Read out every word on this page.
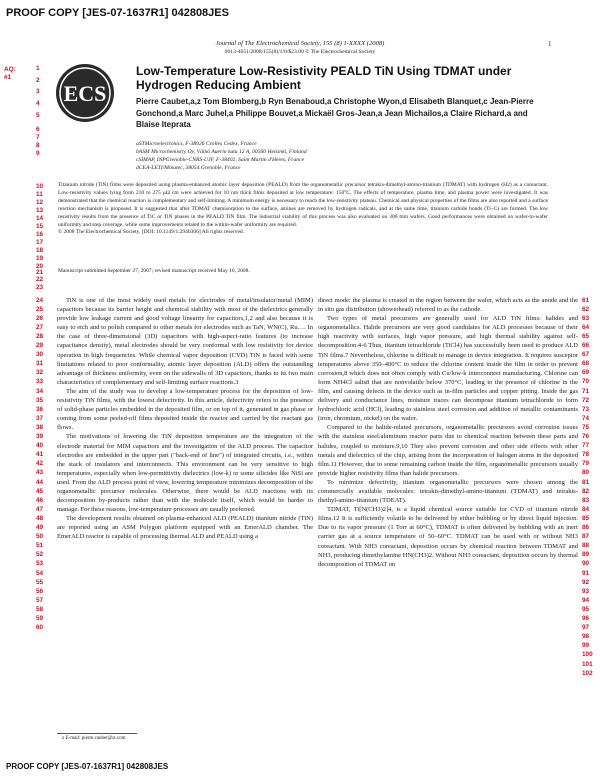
PROOF COPY [JES-07-1637R1] 042808JES
Journal of The Electrochemical Society, 155 (8) 1-XXXX (2008)
0013-4651/2008/155(8)/1/0/$23.00 © The Electrochemical Society
1
AQ:
#1
ECS
Low-Temperature Low-Resistivity PEALD TiN Using TDMAT under Hydrogen Reducing Ambient
Pierre Caubet,a,z Tom Blomberg,b Ryn Benaboud,a Christophe Wyon,d Elisabeth Blanquet,c Jean-Pierre Gonchond,a Marc Juhel,a Philippe Bouvet,a Mickaël Gros-Jean,a Jean Michailos,a Claire Richard,a and Blaise Iteprata
aSTMicroelectronics, F-38926 Crolles Cedex, France
bASM Microchemistry Oy, Väinö Auerin katu 12 A, 00560 Helsinki, Finland
cSIMAP, INPGrenoble-CNRS-UJF, F-38402, Saint Martin d'Hères, France
dCEA-LETI/Minatec, 38054 Grenoble, France
Titanium nitride (TiN) films were deposited using plasma-enhanced atomic layer deposition (PEALD) from the organometallic precursor tetrakis-dimethyl-amino-titanium (TDMAT) with hydrogen (H2) as a coreactant. Low-resistivity values lying from 210 to 275 μΩ cm were achieved for 10 nm thick films deposited at low temperature: 150°C. The effects of temperature, plasma time, and plasma power were investigated. It was demonstrated that the chemical reaction is complementary and self-limiting. A minimum energy is necessary to reach the low-resistivity plateau. Chemical and physical properties of the films are also reported and a surface reaction mechanism is proposed. It is suggested that after TDMAT chemisorption to the surface, amines are removed by hydrogen radicals, and at the same time, titanium carbide bonds (Ti–C) are formed. The low resistivity results from the presence of TiC or TiN phases in the PEALD TiN film. The industrial viability of this process was also evaluated on 300 mm wafers. Good performances were obtained on wafer-to-wafer uniformity and step coverage, while some improvements related to the within-wafer uniformity are required.
© 2008 The Electrochemical Society. [DOI: 10.1149/1.2940306] All rights reserved.
Manuscript submitted September 27, 2007; revised manuscript received May 16, 2008.

TiN is one of the most widely used metals for electrodes of metal/insulator/metal (MIM) capacitors because its barrier height and chemical stability with most of the dielectrics generally provide low leakage current and good voltage linearity for capacitors,1,2 and also because it is easy to etch and to polish compared to other metals for electrodes such as TaN, WN(C), Ru…. In the case of three-dimensional (3D) capacitors with high-aspect-ratio features (to increase capacitance density), metal electrodes should be very conformal with low resistivity for device operation in high frequencies. While chemical vapor deposition (CVD) TiN is faced with some limitations related to poor conformality, atomic layer deposition (ALD) offers the outstanding advantage of thickness uniformity, even on the sidewalls of 3D capacitors, thanks to its two main characteristics of complementary and self-limiting surface reactions.3

The aim of the study was to develop a low-temperature process for the deposition of low-resistivity TiN films, with the lowest defectivity. In this article, defectivity refers to the presence of solid-phase particles embedded in the deposited film, or on top of it, generated in gas phase or coming from some peeled-off films deposited inside the reactor and carried by the reactant gas flows.

The motivations of lowering the TiN deposition temperature are the integration of the electrode material for MIM capacitors and the investigation of the ALD process. The capacitor electrodes are embedded in the upper part ("back-end of line") of integrated circuits, i.e., within the stack of insulators and interconnects. This environment can be very sensitive to high temperatures, especially when low-permittivity dielectrics (low-k) or some silicides like NiSi are used. From the ALD process point of view, lowering temperature minimizes decomposition of the organometallic precursor molecules. Otherwise, there would be ALD reactions with its decomposition by-products rather than with the molecule itself, which would be harder to manage. For these reasons, low-temperature processes are usually preferred.

The development results obtained on plasma-enhanced ALD (PEALD) titanium nitride (TiN) are reported using an ASM Polygon platform equipped with an EmerALD chamber. The EmerALD reactor is capable of processing thermal ALD and PEALD using a

direct mode: the plasma is created in the region between the wafer, which acts as the anode and the in situ gas distribution (showerhead) referred to as the cathode.

Two types of metal precursors are generally used for ALD TiN films: halides and organometallics. Halide precursors are very good candidates for ALD processes because of their high reactivity with surfaces, high vapor pressure, and high thermal stability against self-decomposition.4-6 Thus, titanium tetrachloride (TiCl4) has successfully been used to produce ALD TiN films.7 Nevertheless, chlorine is difficult to manage in device integration. It requires susceptor temperatures above 350–400°C to reduce the chlorine content inside the film in order to prevent corrosion,8 which does not often comply with Cu/low-k interconnect manufacturing. Chlorine can form NH4Cl salts8 that are nonvolatile below 370°C, leading to the presence of chlorine in the film, and causing defects in the device such as in-film particles and copper pitting. Inside the gas delivery and conductance lines, moisture traces can decompose titanium tetrachloride to form hydrochloric acid (HCl), leading to stainless steel corrosion and addition of metallic contaminants (iron, chromium, nickel) on the wafer.

Compared to the halide-related precursors, organometallic precursors avoid corrosion issues with the stainless steel/aluminum reactor parts due to chemical reaction between these parts and halides, coupled to moisture.9,10 They also prevent corrosion and other side effects with other metals and dielectrics of the chip, arising from the incorporation of halogen atoms in the deposited film.11 However, due to some remaining carbon inside the film, organometallic precursors usually provide higher resistivity films than halide precursors.

To minimize defectivity, titanium organometallic precursors were chosen among the commercially available molecules: tetrakis-dimethyl-amino-titanium (TDMAT) and tetrakis-diethyl-amino-titanium (TDEAT).

TDMAT, Ti[N(CH3)2]4, is a liquid chemical source suitable for CVD of titanium nitride films.12 It is sufficiently volatile to be delivered by either bubbling or by direct liquid injection. Due to its vapor pressure (1 Torr at 60°C), TDMAT is often delivered by bubbling with an inert carrier gas at a source temperature of 50–60°C. TDMAT can be used with or without NH3 coreactant. With NH3 coreactant, deposition occurs by chemical reaction between TDMAT and NH3, producing dimethylamine HN(CH3)2. Without NH3 coreactant, deposition occurs by thermal decomposition of TDMAT on

z E-mail: pierre.caubet@st.com
PROOF COPY [JES-07-1637R1] 042808JES
1
2
3
4
5
6
7
8
9
10
11
12
13
14
15
16
17
18
19
20
21
22
23
24
25
26
27
28
29
30
31
32
33
34
35
36
37
38
39
40
41
42
43
44
45
46
47
48
49
50
51
52
53
54
55
56
57
58
59
60
61
62
63
64
65
66
67
68
69
70
71
72
73
74
75
76
77
78
79
80
81
82
83
84
85
86
87
88
89
90
91
92
93
94
95
96
97
98
99
100
101
102
